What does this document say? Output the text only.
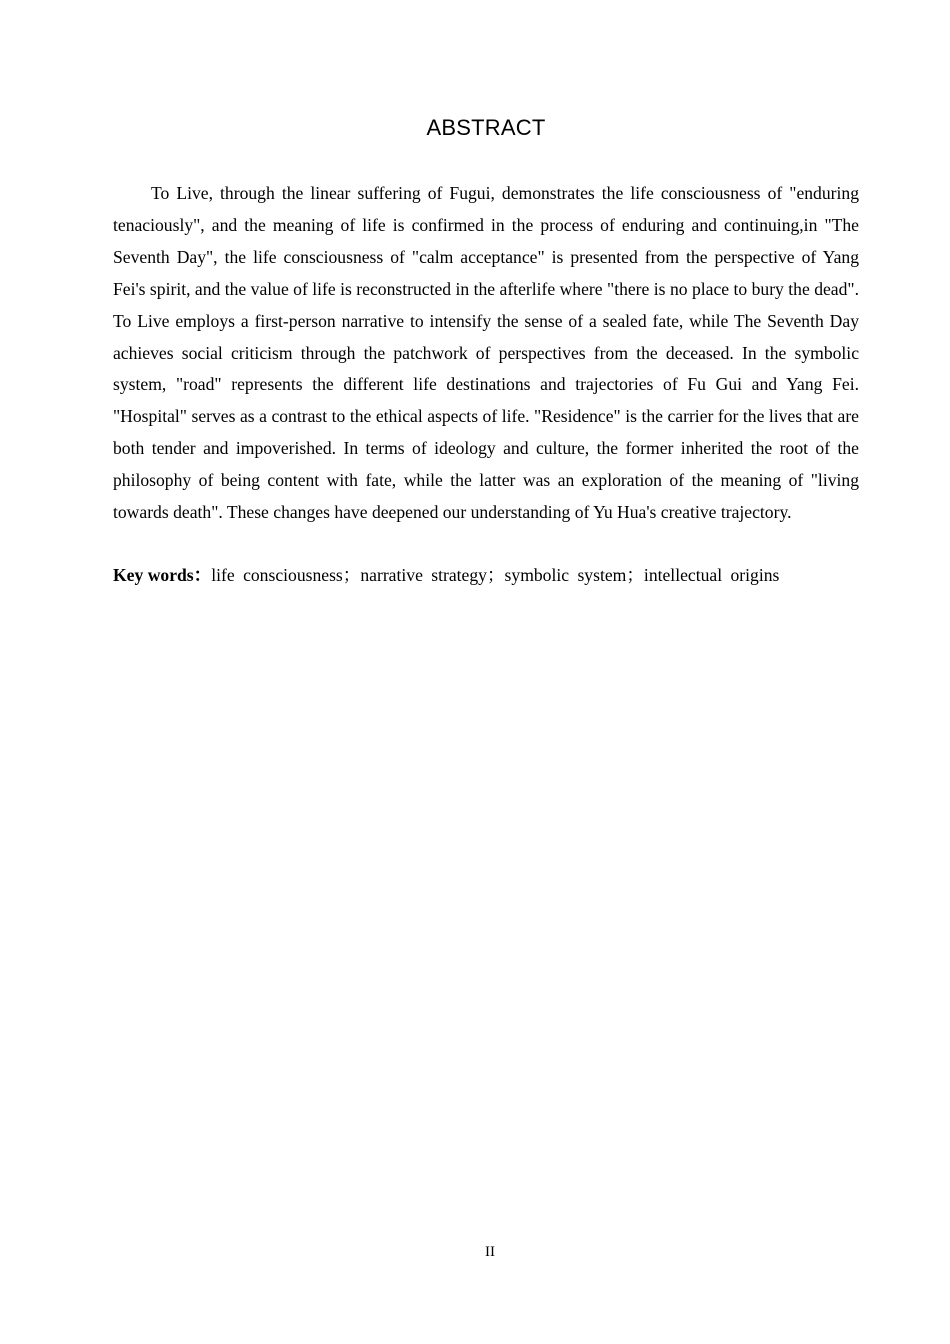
ABSTRACT

To Live, through the linear suffering of Fugui, demonstrates the life consciousness of "enduring tenaciously", and the meaning of life is confirmed in the process of enduring and continuing,in "The Seventh Day", the life consciousness of "calm acceptance" is presented from the perspective of Yang Fei's spirit, and the value of life is reconstructed in the afterlife where "there is no place to bury the dead". To Live employs a first-person narrative to intensify the sense of a sealed fate, while The Seventh Day achieves social criticism through the patchwork of perspectives from the deceased. In the symbolic system, "road" represents the different life destinations and trajectories of Fu Gui and Yang Fei. "Hospital" serves as a contrast to the ethical aspects of life. "Residence" is the carrier for the lives that are both tender and impoverished. In terms of ideology and culture, the former inherited the root of the philosophy of being content with fate, while the latter was an exploration of the meaning of "living towards death". These changes have deepened our understanding of Yu Hua's creative trajectory.

Key words：life consciousness；narrative strategy；symbolic system；intellectual origins

II
